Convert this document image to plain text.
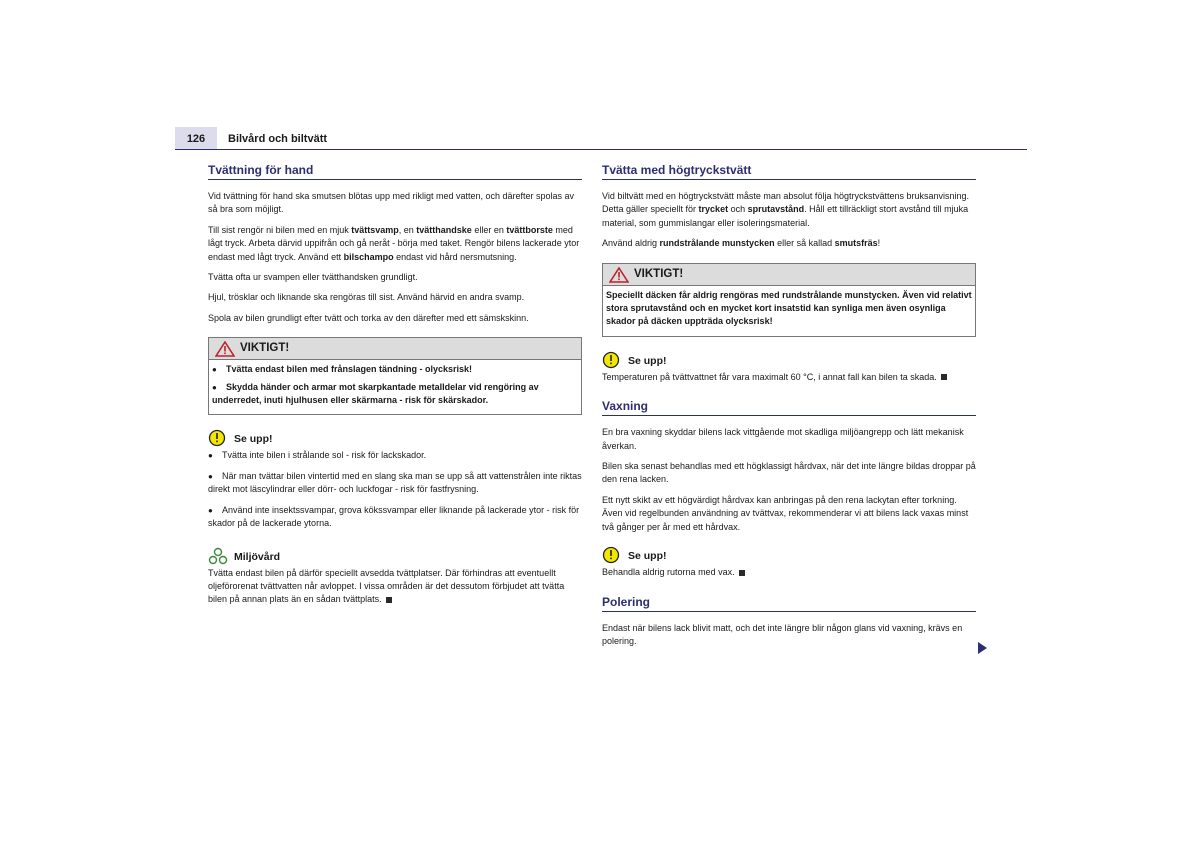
126	Bilvård och biltvätt
Tvättning för hand

Vid tvättning för hand ska smutsen blötas upp med rikligt med vatten, och därefter spolas av så bra som möjligt.

Till sist rengör ni bilen med en mjuk tvättsvamp, en tvätthandske eller en tvättborste med lågt tryck. Arbeta därvid uppifrån och gå neråt - börja med taket. Rengör bilens lackerade ytor endast med lågt tryck. Använd ett bilschampo endast vid hård nersmutsning.

Tvätta ofta ur svampen eller tvätthandsken grundligt.

Hjul, trösklar och liknande ska rengöras till sist. Använd härvid en andra svamp.

Spola av bilen grundligt efter tvätt och torka av den därefter med ett sämskskinn.

VIKTIGT!

● Tvätta endast bilen med frånslagen tändning - olycksrisk!

● Skydda händer och armar mot skarpkantade metalldelar vid rengöring av underredet, inuti hjulhusen eller skärmarna - risk för skärskador.

Se upp!

● Tvätta inte bilen i strålande sol - risk för lackskador.

● När man tvättar bilen vintertid med en slang ska man se upp så att vattenstrålen inte riktas direkt mot läscylindrar eller dörr- och luckfogar - risk för fastfrysning.

● Använd inte insektssvampar, grova kökssvampar eller liknande på lackerade ytor - risk för skador på de lackerade ytorna.

Miljövård

Tvätta endast bilen på därför speciellt avsedda tvättplatser. Där förhindras att eventuellt oljeförorenat tvättvatten når avloppet. I vissa områden är det dessutom förbjudet att tvätta bilen på annan plats än en sådan tvättplats.

Tvätta med högtryckstvätt

Vid biltvätt med en högtryckstvätt måste man absolut följa högtryckstvättens bruksanvisning. Detta gäller speciellt för trycket och sprutavstånd. Håll ett tillräckligt stort avstånd till mjuka material, som gummislangar eller isoleringsmaterial.

Använd aldrig rundstrålande munstycken eller så kallad smutsfräs!

VIKTIGT!

Speciellt däcken får aldrig rengöras med rundstrålande munstycken. Även vid relativt stora sprutavstånd och en mycket kort insatstid kan synliga men även osynliga skador på däcken uppträda olycksrisk!

Se upp!

Temperaturen på tvättvattnet får vara maximalt 60 °C, i annat fall kan bilen ta skada.

Vaxning

En bra vaxning skyddar bilens lack vittgående mot skadliga miljöangrepp och lätt mekanisk åverkan.

Bilen ska senast behandlas med ett högklassigt hårdvax, när det inte längre bildas droppar på den rena lacken.

Ett nytt skikt av ett högvärdigt hårdvax kan anbringas på den rena lackytan efter torkning. Även vid regelbunden användning av tvättvax, rekommenderar vi att bilens lack vaxas minst två gånger per år med ett hårdvax.

Se upp!

Behandla aldrig rutorna med vax.

Polering

Endast när bilens lack blivit matt, och det inte längre blir någon glans vid vaxning, krävs en polering.
